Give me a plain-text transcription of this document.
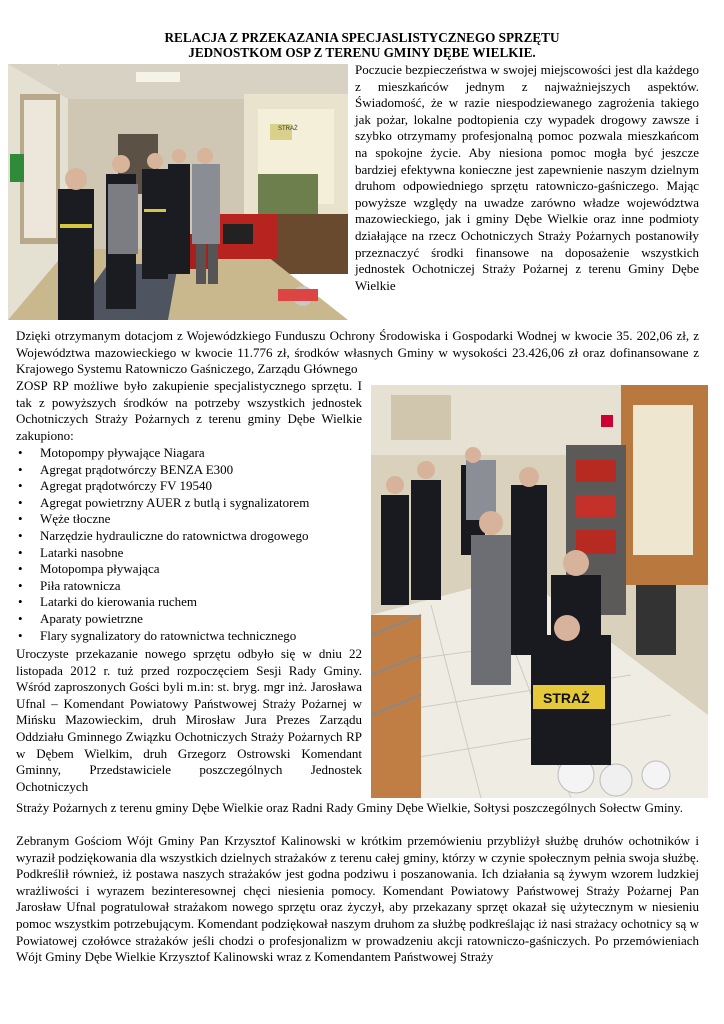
RELACJA Z PRZEKAZANIA SPECJASLISTYCZNEGO SPRZĘTU
JEDNOSTKOM OSP Z TERENU GMINY DĘBE WIELKIE.
STRAŻ
Poczucie bezpieczeństwa w swojej miejscowości jest dla każdego z mieszkańców jednym z najważniejszych aspektów. Świadomość, że w razie niespodziewanego zagrożenia takiego jak pożar, lokalne podtopienia czy wypadek drogowy zawsze i szybko otrzymamy profesjonalną pomoc pozwala mieszkańcom na spokojne życie. Aby niesiona pomoc mogła być jeszcze bardziej efektywna konieczne jest zapewnienie naszym dzielnym druhom odpowiedniego sprzętu ratowniczo-gaśniczego. Mając powyższe względy na uwadze zarówno władze województwa mazowieckiego, jak i gminy Dębe Wielkie oraz inne podmioty działające na rzecz Ochotniczych Straży Pożarnych postanowiły przeznaczyć środki finansowe na doposażenie wszystkich jednostek Ochotniczej Straży Pożarnej z terenu Gminy Dębe Wielkie
Dzięki otrzymanym dotacjom z Wojewódzkiego Funduszu Ochrony Środowiska i Gospodarki Wodnej w kwocie 35. 202,06 zł, z Województwa mazowieckiego w kwocie 11.776 zł, środków własnych Gminy w wysokości 23.426,06 zł oraz dofinansowane z Krajowego Systemu Ratowniczo Gaśniczego, Zarządu Głównego
ZOSP RP możliwe było zakupienie specjalistycznego sprzętu. I tak z powyższych środków na potrzeby wszystkich jednostek Ochotniczych Straży Pożarnych z terenu gminy Dębe Wielkie zakupiono:
• Motopompy pływające Niagara
• Agregat prądotwórczy BENZA E300
• Agregat prądotwórczy FV 19540
• Agregat powietrzny AUER z butlą i sygnalizatorem
• Węże tłoczne
• Narzędzie hydrauliczne do ratownictwa drogowego
• Latarki nasobne
• Motopompa pływająca
• Piła ratownicza
• Latarki do kierowania ruchem
• Aparaty powietrzne
• Flary sygnalizatory do ratownictwa technicznego
Uroczyste przekazanie nowego sprzętu odbyło się w dniu 22 listopada 2012 r. tuż przed rozpoczęciem Sesji Rady Gminy. Wśród zaproszonych Gości byli m.in: st. bryg. mgr inż. Jarosława Ufnal – Komendant Powiatowy Państwowej Straży Pożarnej w Mińsku Mazowieckim, druh Mirosław Jura Prezes Zarządu Oddziału Gminnego Związku Ochotniczych Straży Pożarnych RP w Dębem Wielkim, druh Grzegorz Ostrowski Komendant Gminny, Przedstawiciele poszczególnych Jednostek Ochotniczych
STRAŻ
Straży Pożarnych z terenu gminy Dębe Wielkie oraz Radni Rady Gminy Dębe Wielkie, Sołtysi poszczególnych Sołectw Gminy.
Zebranym Gościom Wójt Gminy Pan Krzysztof Kalinowski w krótkim przemówieniu przybliżył służbę druhów ochotników i wyraził podziękowania dla wszystkich dzielnych strażaków z terenu całej gminy, którzy w czynie społecznym pełnia swoja służbę. Podkreślił również, iż postawa naszych strażaków jest godna podziwu i poszanowania. Ich działania są żywym wzorem ludzkiej wrażliwości i wyrazem bezinteresownej chęci niesienia pomocy. Komendant Powiatowy Państwowej Straży Pożarnej Pan Jarosław Ufnal pogratulował strażakom nowego sprzętu oraz życzył, aby przekazany sprzęt okazał się użytecznym w niesieniu pomoc wszystkim potrzebującym. Komendant podziękował naszym druhom za służbę podkreślając iż nasi strażacy ochotnicy są w Powiatowej czołówce strażaków jeśli chodzi o profesjonalizm w prowadzeniu akcji ratowniczo-gaśniczych. Po przemówieniach Wójt Gminy Dębe Wielkie Krzysztof Kalinowski wraz z Komendantem Państwowej Straży
